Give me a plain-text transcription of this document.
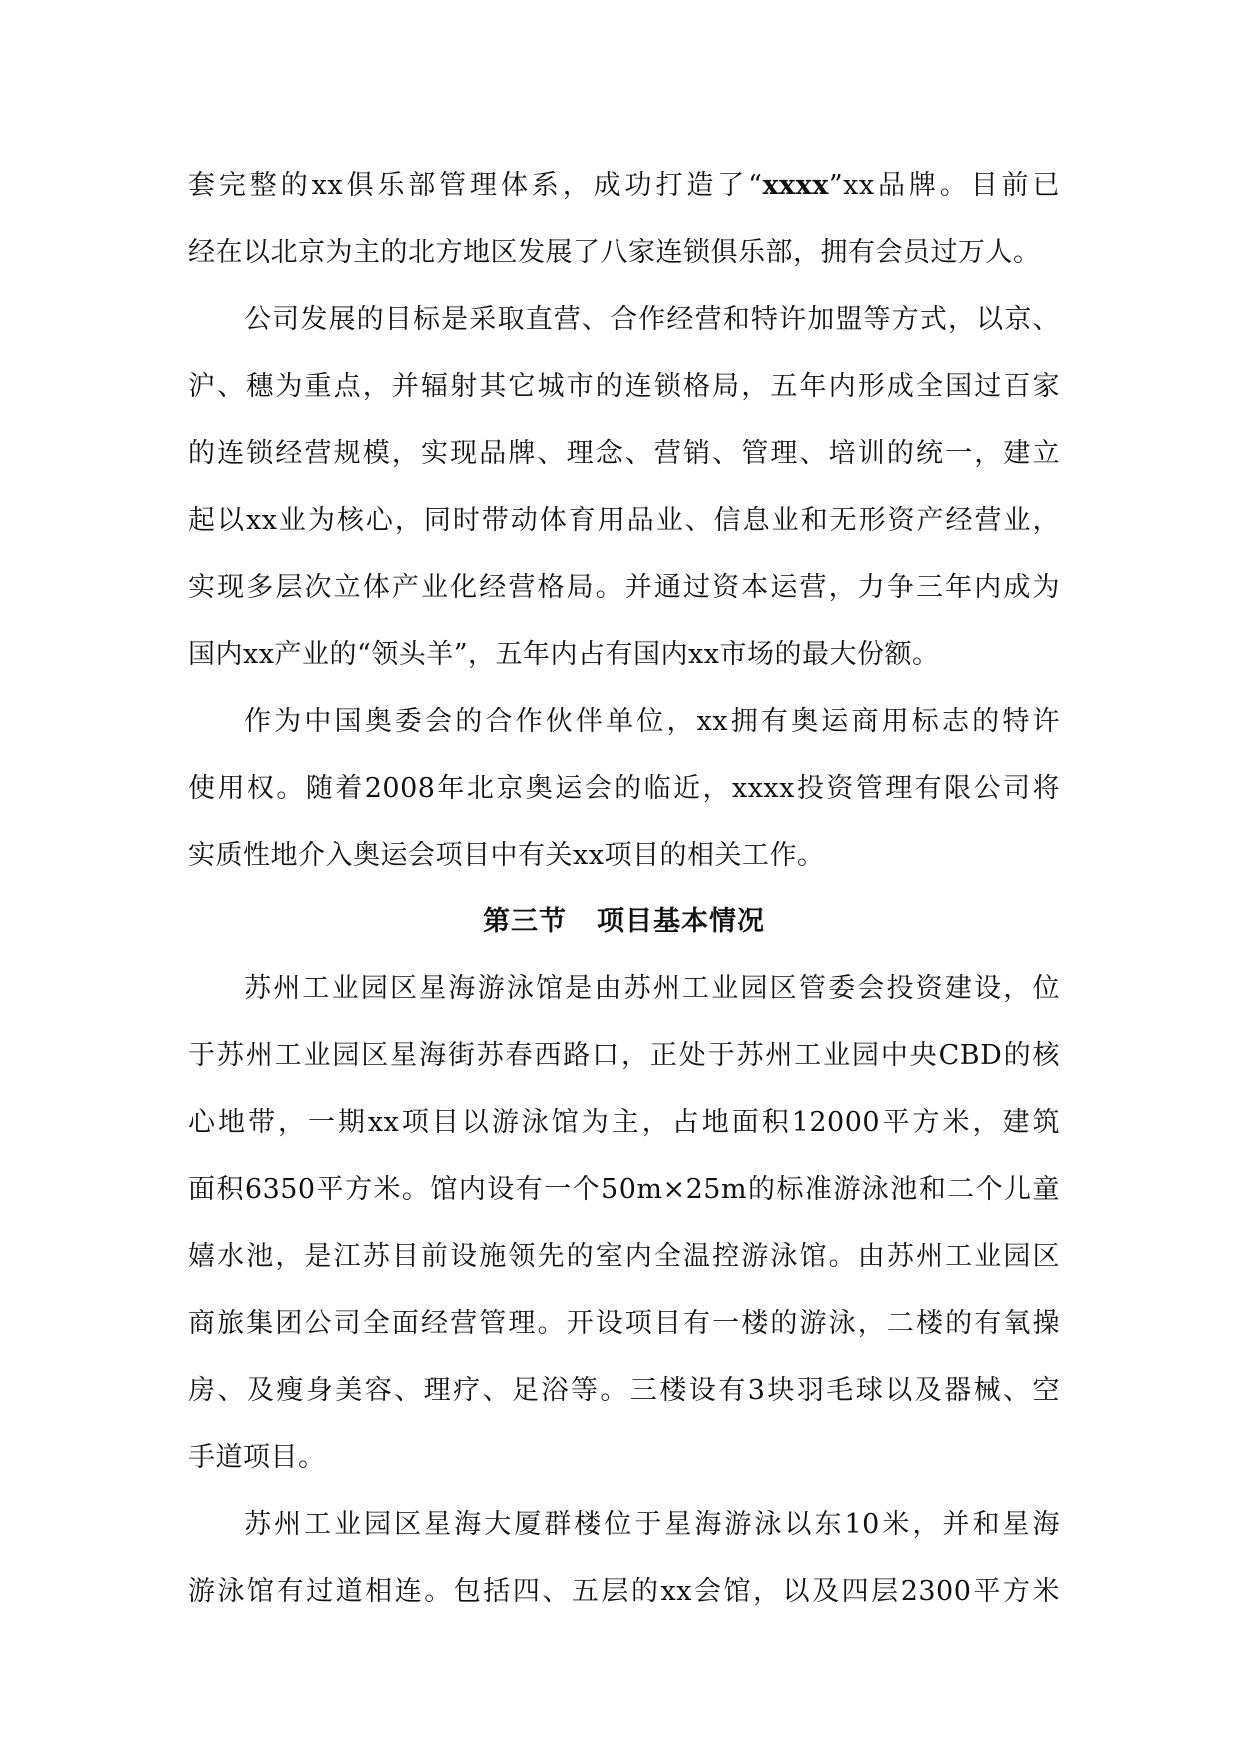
套完整的xx俱乐部管理体系，成功打造了“xxxx”xx品牌。目前已
经在以北京为主的北方地区发展了八家连锁俱乐部，拥有会员过万人。
公司发展的目标是采取直营、合作经营和特许加盟等方式，以京、
沪、穗为重点，并辐射其它城市的连锁格局，五年内形成全国过百家
的连锁经营规模，实现品牌、理念、营销、管理、培训的统一，建立
起以xx业为核心，同时带动体育用品业、信息业和无形资产经营业，
实现多层次立体产业化经营格局。并通过资本运营，力争三年内成为
国内xx产业的“领头羊”，五年内占有国内xx市场的最大份额。
作为中国奥委会的合作伙伴单位，xx拥有奥运商用标志的特许
使用权。随着2008年北京奥运会的临近，xxxx投资管理有限公司将
实质性地介入奥运会项目中有关xx项目的相关工作。
第三节 项目基本情况
苏州工业园区星海游泳馆是由苏州工业园区管委会投资建设，位
于苏州工业园区星海街苏春西路口，正处于苏州工业园中央CBD的核
心地带，一期xx项目以游泳馆为主，占地面积12000平方米，建筑
面积6350平方米。馆内设有一个50m×25m的标准游泳池和二个儿童
嬉水池，是江苏目前设施领先的室内全温控游泳馆。由苏州工业园区
商旅集团公司全面经营管理。开设项目有一楼的游泳，二楼的有氧操
房、及瘦身美容、理疗、足浴等。三楼设有3块羽毛球以及器械、空
手道项目。
苏州工业园区星海大厦群楼位于星海游泳以东10米，并和星海
游泳馆有过道相连。包括四、五层的xx会馆，以及四层2300平方米
